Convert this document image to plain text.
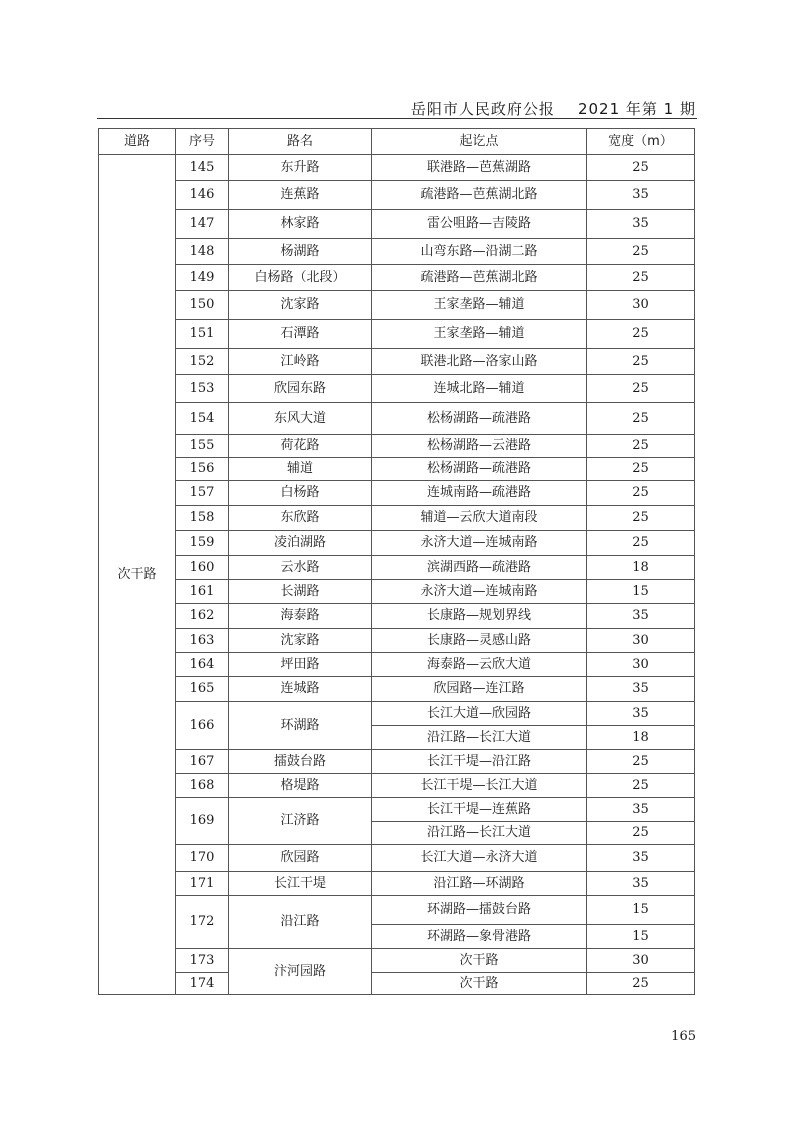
岳阳市人民政府公报 2021 年第 1 期
道路	序号	路名	起讫点	宽度（m）
次干路	145	东升路	联港路—芭蕉湖路	25
	146	连蕉路	疏港路—芭蕉湖北路	35
	147	林家路	雷公咀路—吉陵路	35
	148	杨湖路	山弯东路—沿湖二路	25
	149	白杨路（北段）	疏港路—芭蕉湖北路	25
	150	沈家路	王家垄路—辅道	30
	151	石潭路	王家垄路—辅道	25
	152	江岭路	联港北路—洛家山路	25
	153	欣园东路	连城北路—辅道	25
	154	东风大道	松杨湖路—疏港路	25
	155	荷花路	松杨湖路—云港路	25
	156	辅道	松杨湖路—疏港路	25
	157	白杨路	连城南路—疏港路	25
	158	东欣路	辅道—云欣大道南段	25
	159	凌泊湖路	永济大道—连城南路	25
	160	云水路	滨湖西路—疏港路	18
	161	长湖路	永济大道—连城南路	15
	162	海泰路	长康路—规划界线	35
	163	沈家路	长康路—灵感山路	30
	164	坪田路	海泰路—云欣大道	30
	165	连城路	欣园路—连江路	35
	166	环湖路	长江大道—欣园路	35
			沿江路—长江大道	18
	167	擂鼓台路	长江干堤—沿江路	25
	168	格堤路	长江干堤—长江大道	25
	169	江济路	长江干堤—连蕉路	35
			沿江路—长江大道	25
	170	欣园路	长江大道—永济大道	35
	171	长江干堤	沿江路—环湖路	35
	172	沿江路	环湖路—擂鼓台路	15
			环湖路—象骨港路	15
	173	汴河园路	次干路	30
	174		次干路	25
165
